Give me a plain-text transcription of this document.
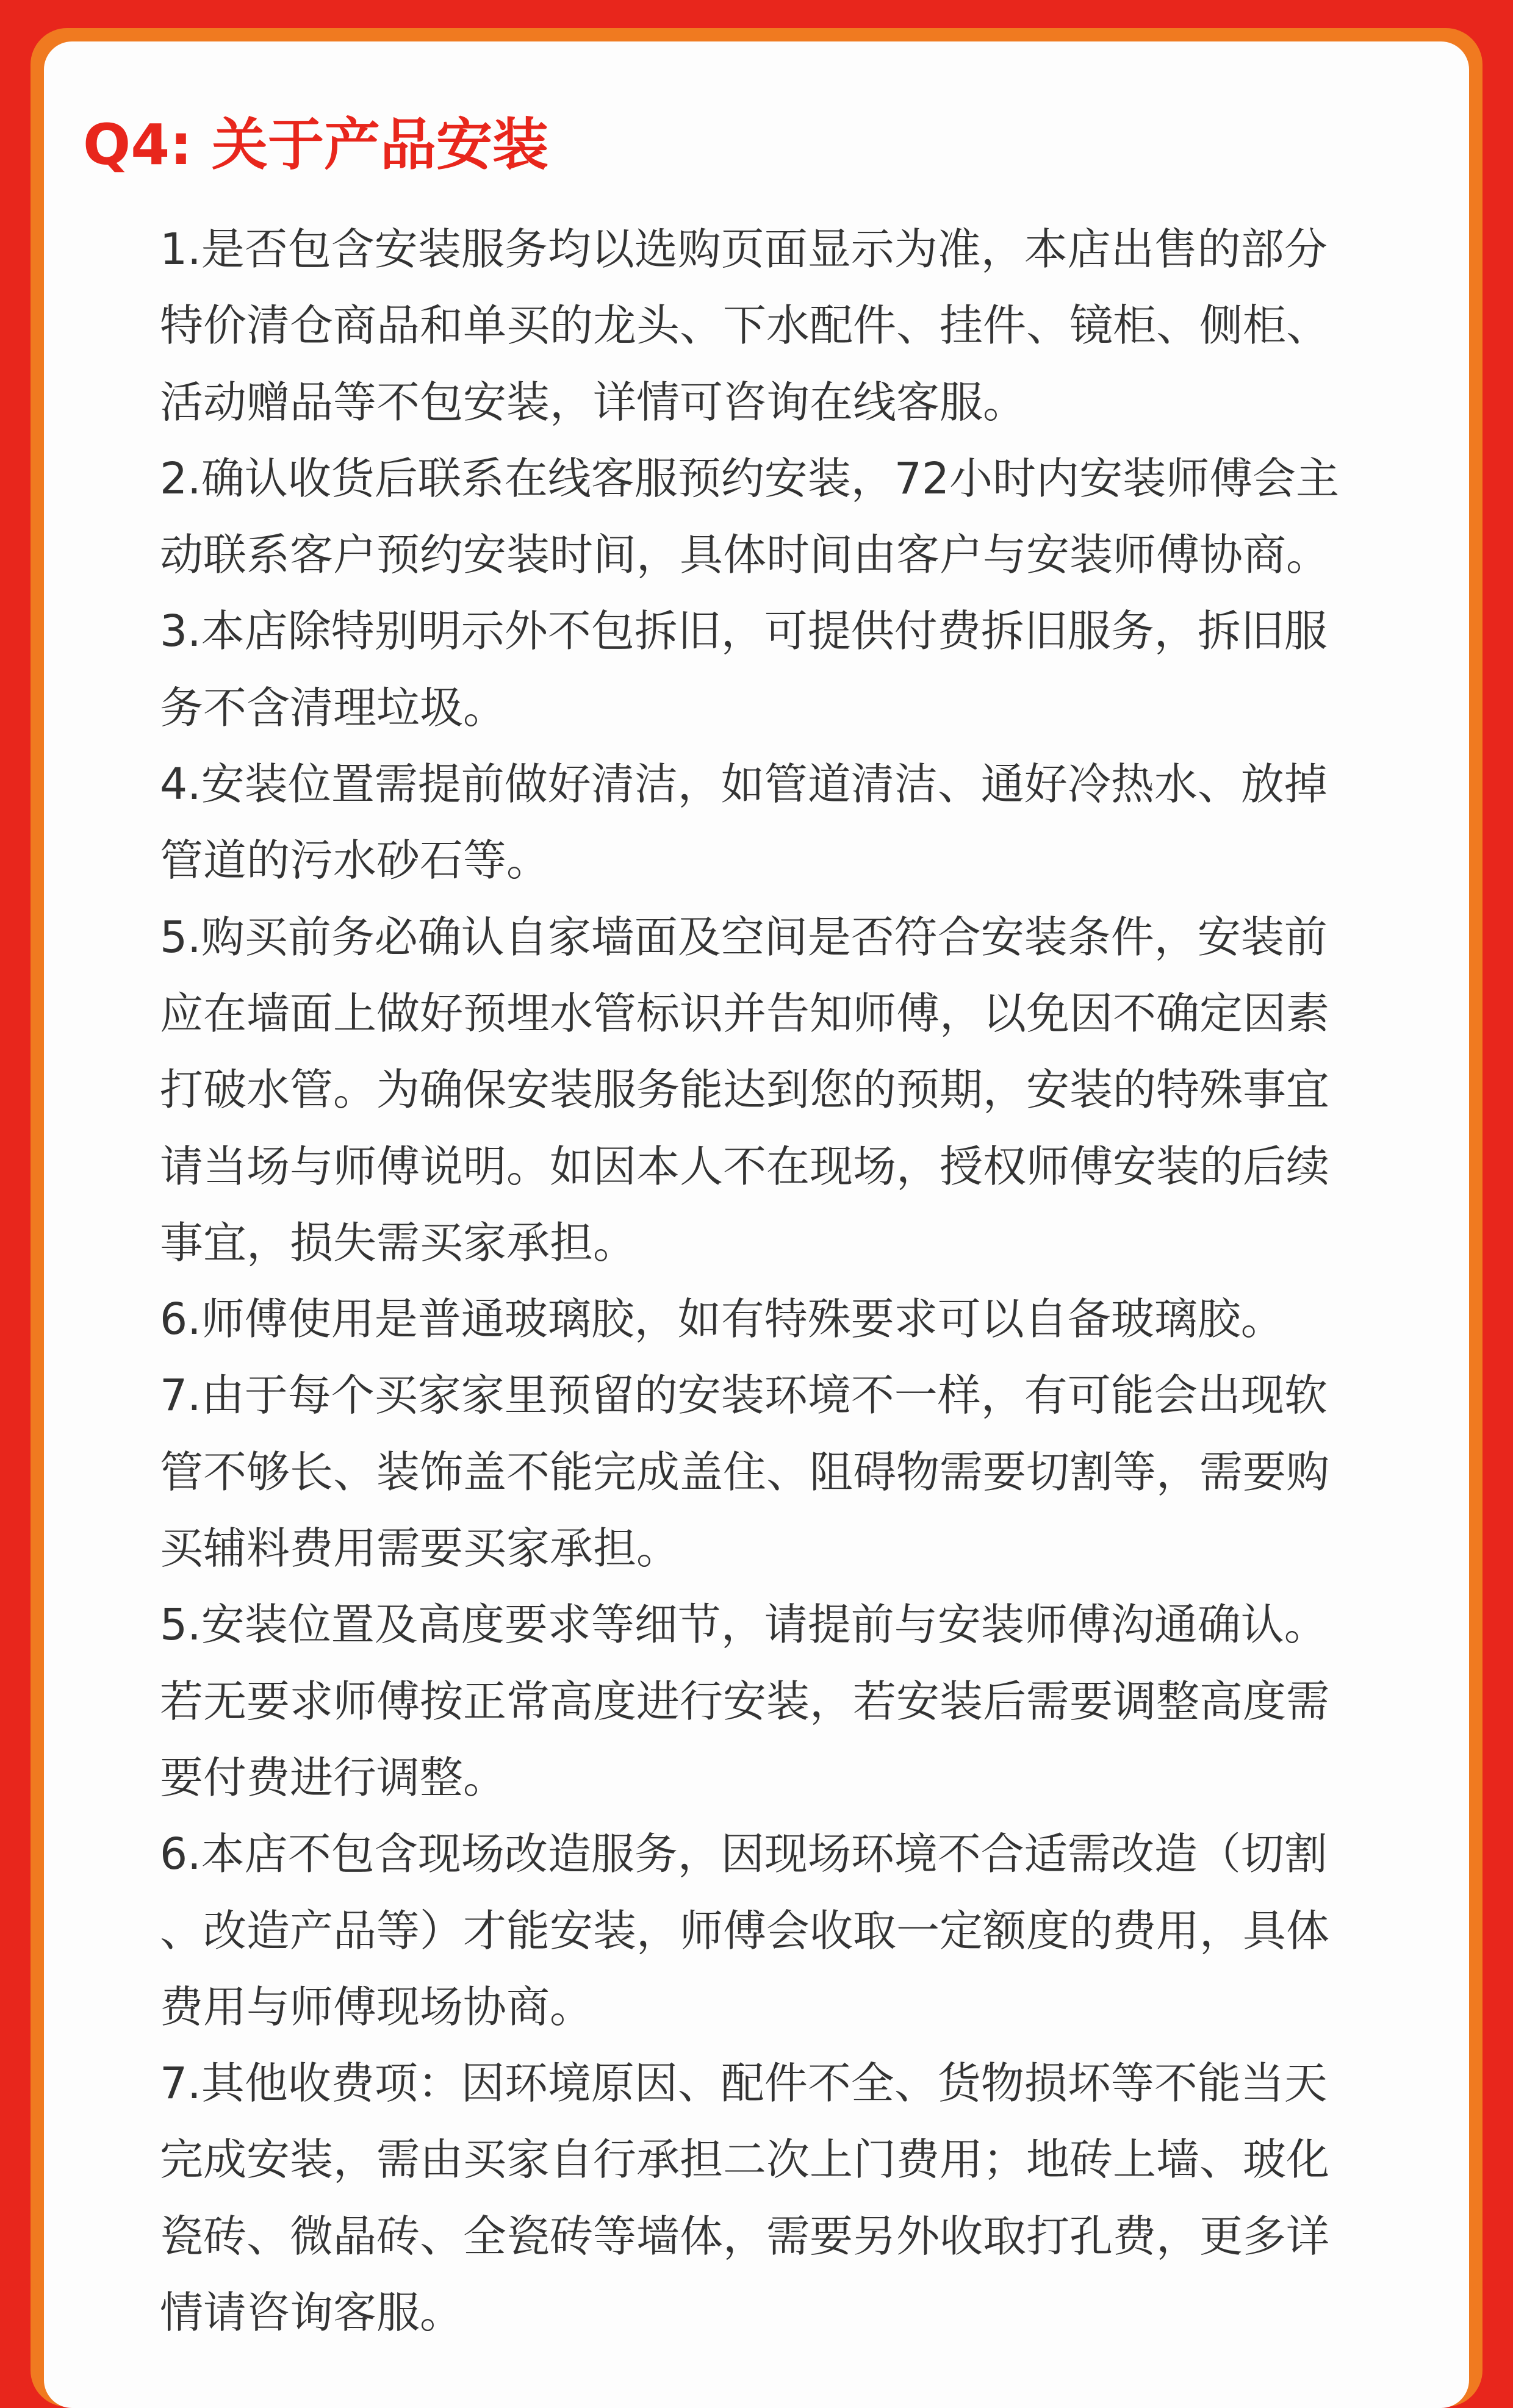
Q4: 关于产品安装
1.是否包含安装服务均以选购页面显示为准，本店出售的部分特价清仓商品和单买的龙头、下水配件、挂件、镜柜、侧柜、活动赠品等不包安装，详情可咨询在线客服。
2.确认收货后联系在线客服预约安装，72小时内安装师傅会主动联系客户预约安装时间，具体时间由客户与安装师傅协商。
3.本店除特别明示外不包拆旧，可提供付费拆旧服务，拆旧服务不含清理垃圾。
4.安装位置需提前做好清洁，如管道清洁、通好冷热水、放掉管道的污水砂石等。
5.购买前务必确认自家墙面及空间是否符合安装条件，安装前应在墙面上做好预埋水管标识并告知师傅，以免因不确定因素打破水管。为确保安装服务能达到您的预期，安装的特殊事宜请当场与师傅说明。如因本人不在现场，授权师傅安装的后续事宜，损失需买家承担。
6.师傅使用是普通玻璃胶，如有特殊要求可以自备玻璃胶。
7.由于每个买家家里预留的安装环境不一样，有可能会出现软管不够长、装饰盖不能完成盖住、阻碍物需要切割等，需要购买辅料费用需要买家承担。
5.安装位置及高度要求等细节，请提前与安装师傅沟通确认。若无要求师傅按正常高度进行安装，若安装后需要调整高度需要付费进行调整。
6.本店不包含现场改造服务，因现场环境不合适需改造（切割、改造产品等）才能安装，师傅会收取一定额度的费用，具体费用与师傅现场协商。
7.其他收费项：因环境原因、配件不全、货物损坏等不能当天完成安装，需由买家自行承担二次上门费用；地砖上墙、玻化瓷砖、微晶砖、全瓷砖等墙体，需要另外收取打孔费，更多详情请咨询客服。
